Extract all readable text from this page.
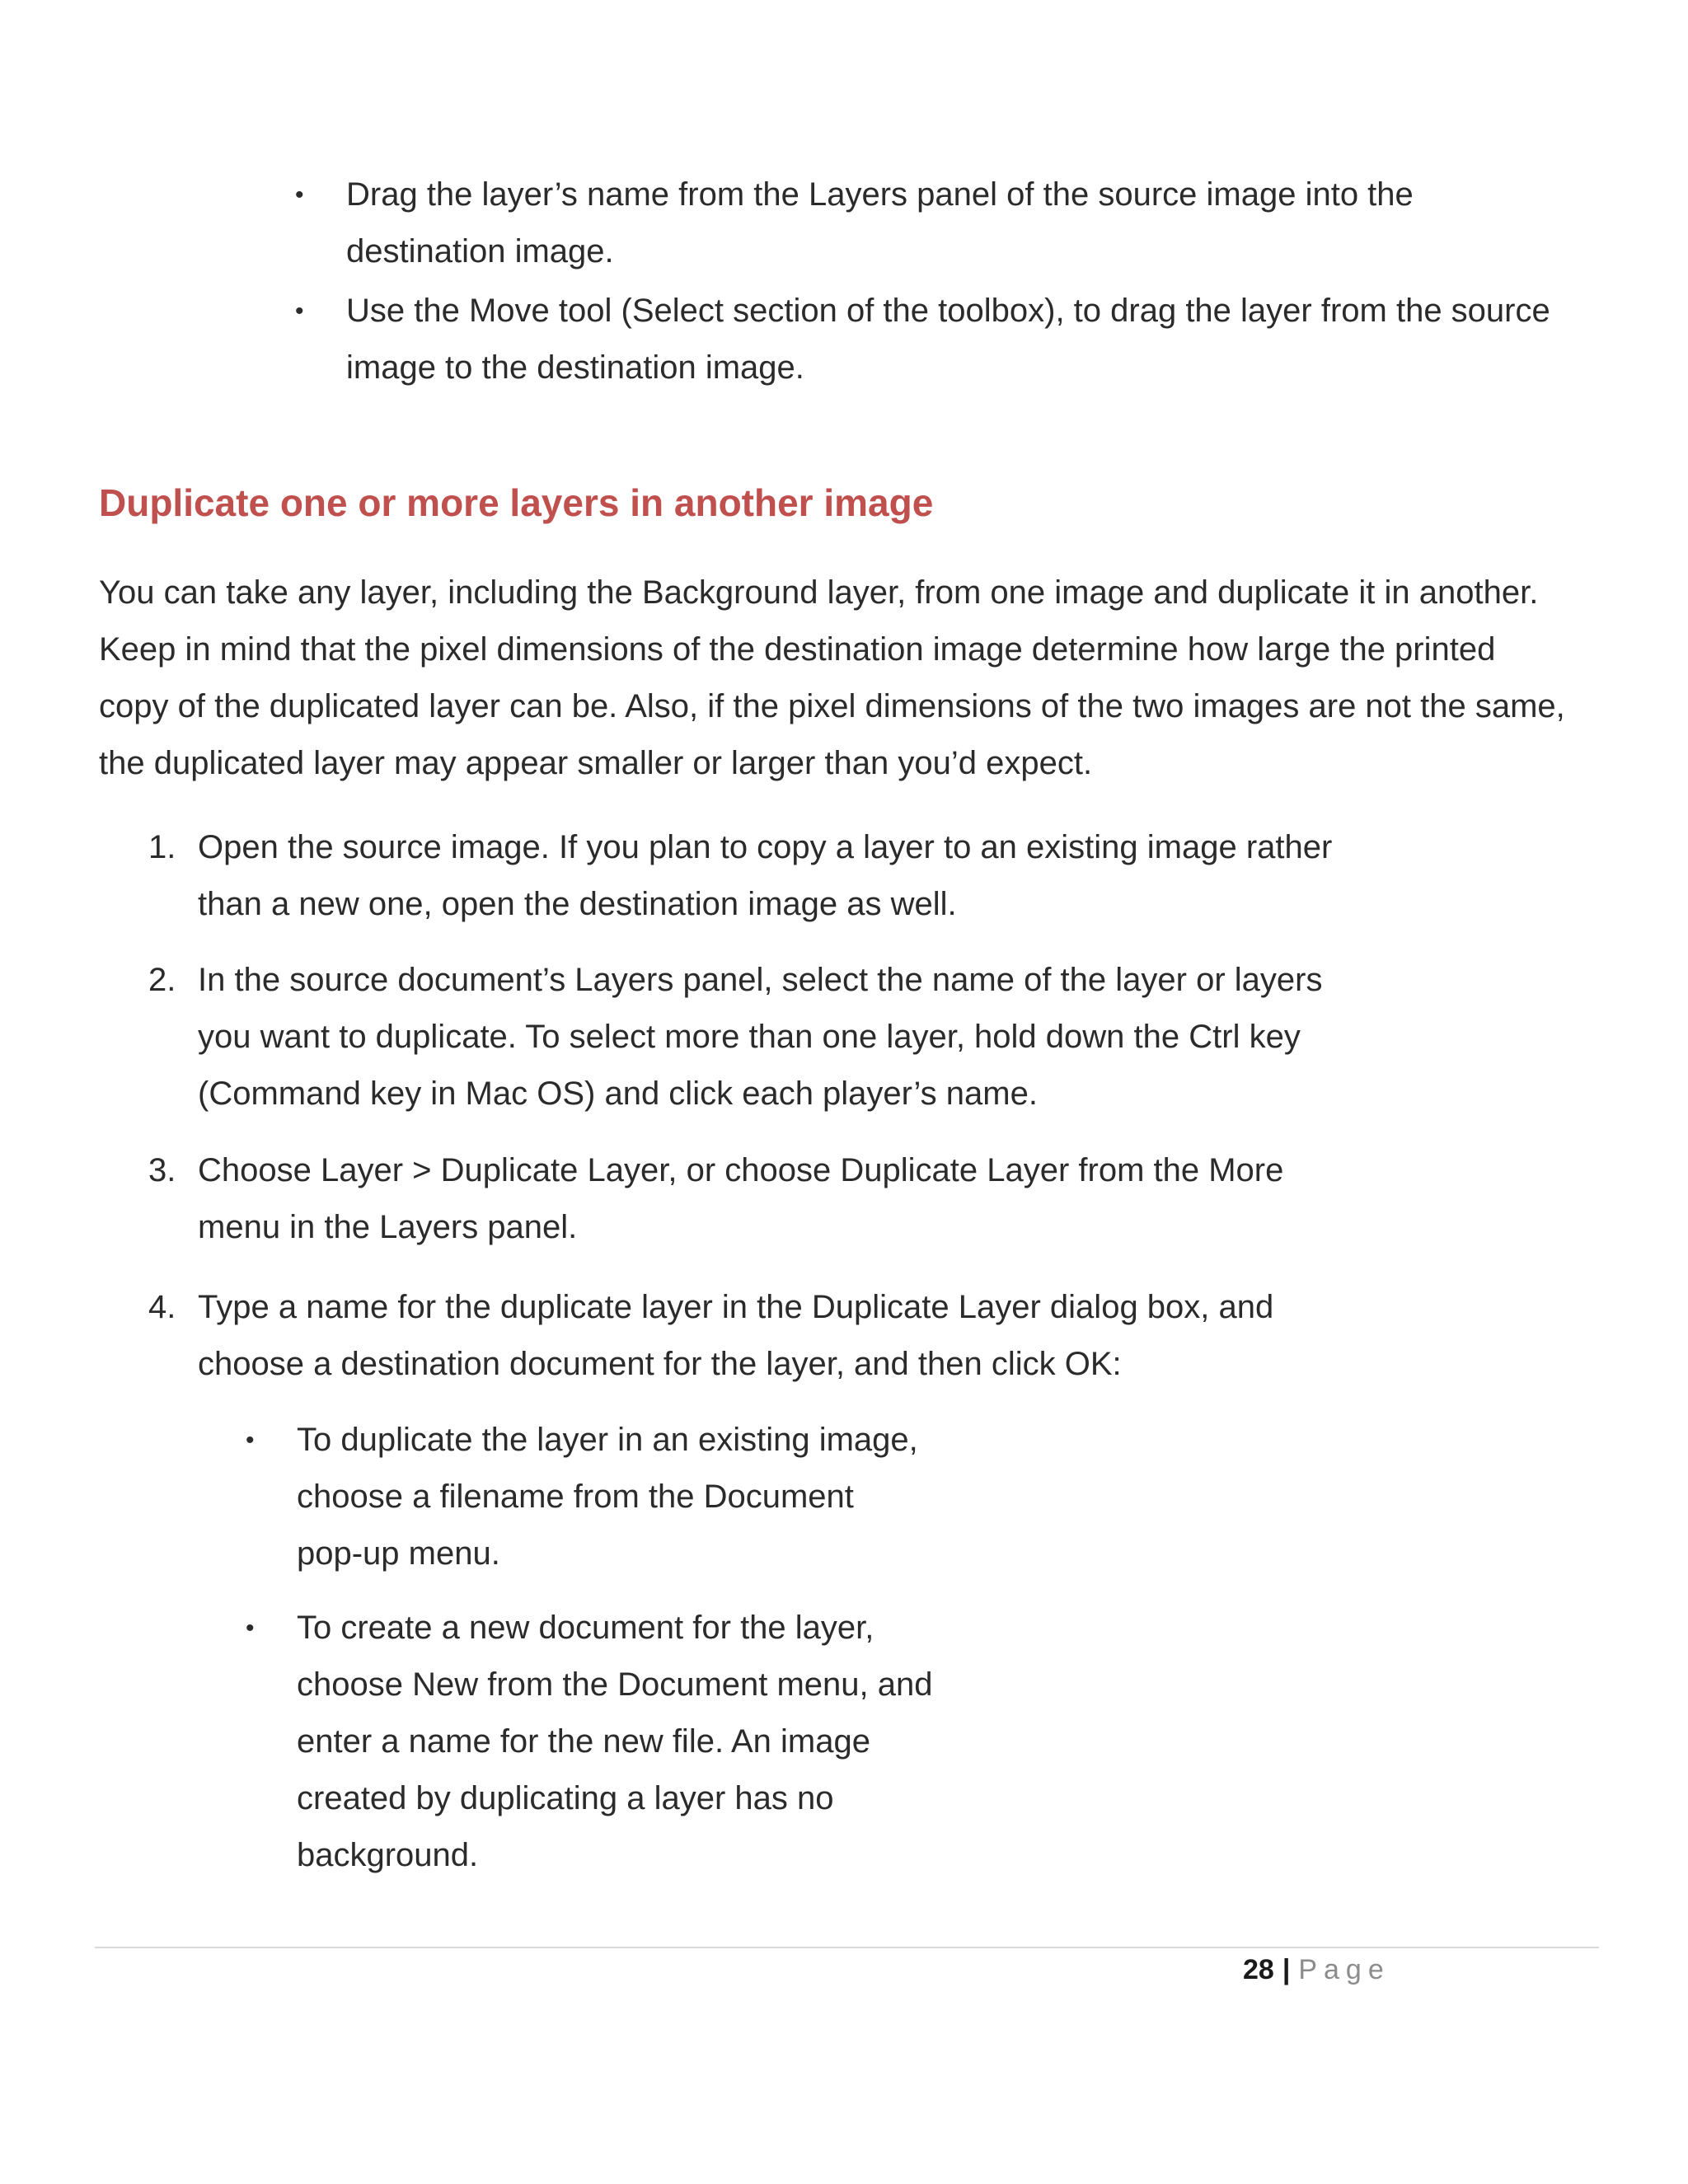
• Drag the layer’s name from the Layers panel of the source image into the
destination image.
• Use the Move tool (Select section of the toolbox), to drag the layer from the source
image to the destination image.
Duplicate one or more layers in another image
You can take any layer, including the Background layer, from one image and duplicate it in another.
Keep in mind that the pixel dimensions of the destination image determine how large the printed
copy of the duplicated layer can be. Also, if the pixel dimensions of the two images are not the same,
the duplicated layer may appear smaller or larger than you’d expect.
1. Open the source image. If you plan to copy a layer to an existing image rather
than a new one, open the destination image as well.
2. In the source document’s Layers panel, select the name of the layer or layers
you want to duplicate. To select more than one layer, hold down the Ctrl key
(Command key in Mac OS) and click each player’s name.
3. Choose Layer > Duplicate Layer, or choose Duplicate Layer from the More
menu in the Layers panel.
4. Type a name for the duplicate layer in the Duplicate Layer dialog box, and
choose a destination document for the layer, and then click OK:
• To duplicate the layer in an existing image,
choose a filename from the Document
pop-up menu.
• To create a new document for the layer,
choose New from the Document menu, and
enter a name for the new file. An image
created by duplicating a layer has no
background.
28 | Page
